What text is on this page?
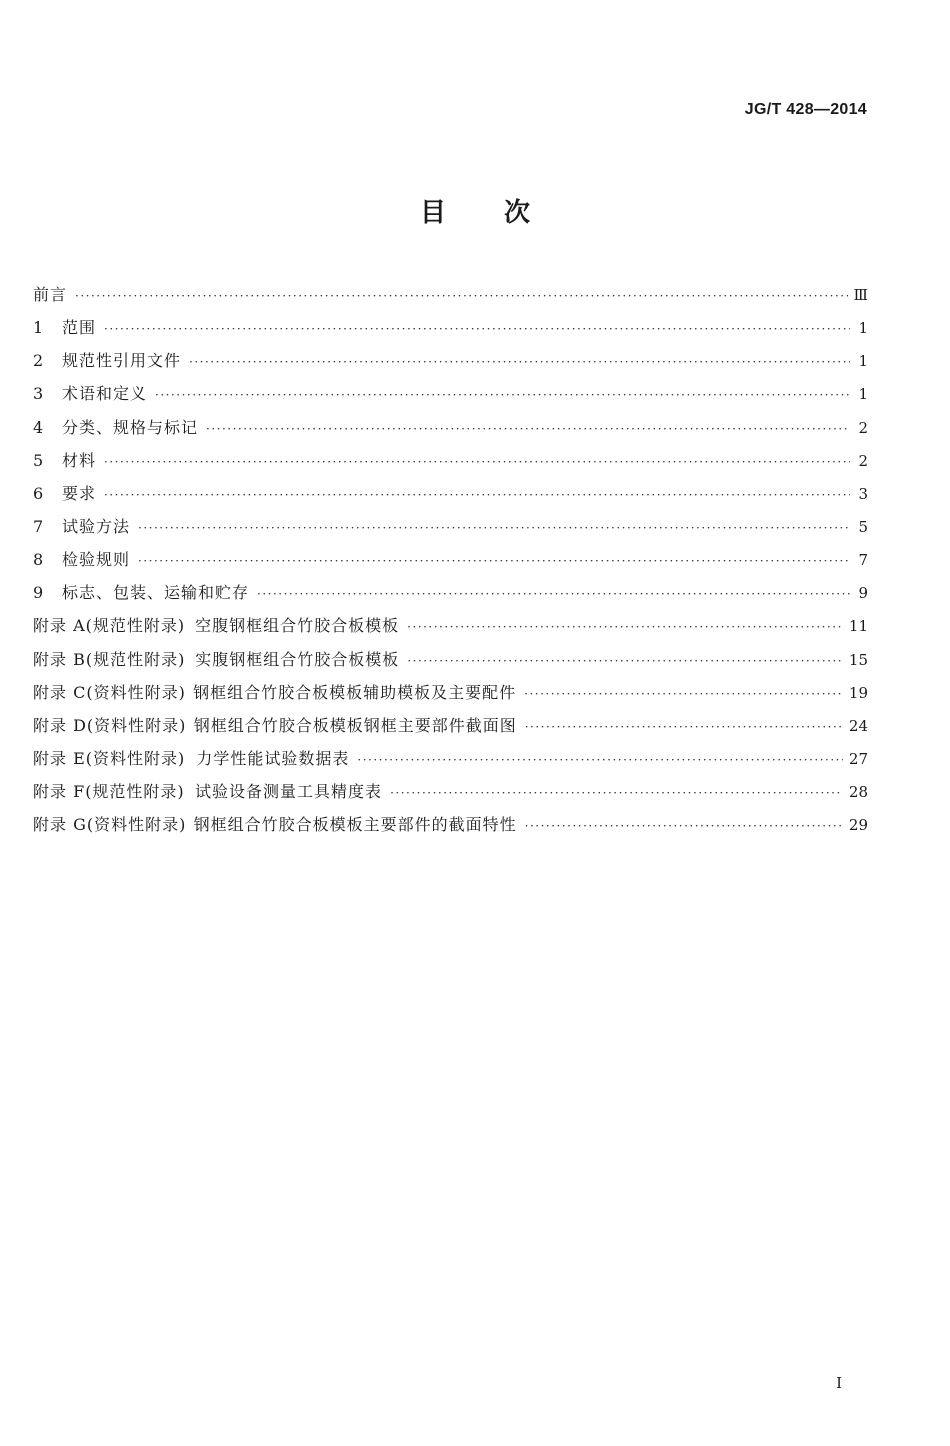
JG/T 428—2014
目次
前言 ·····	Ⅲ
1	范围 ·····	1
2	规范性引用文件 ·····	1
3	术语和定义 ·····	1
4	分类、规格与标记 ·····	2
5	材料 ·····	2
6	要求 ·····	3
7	试验方法 ·····	5
8	检验规则 ·····	7
9	标志、包装、运输和贮存 ·····	9
附录 A(规范性附录) 空腹钢框组合竹胶合板模板 ·····	11
附录 B(规范性附录) 实腹钢框组合竹胶合板模板 ·····	15
附录 C(资料性附录) 钢框组合竹胶合板模板辅助模板及主要配件 ·····	19
附录 D(资料性附录) 钢框组合竹胶合板模板钢框主要部件截面图 ·····	24
附录 E(资料性附录) 力学性能试验数据表 ·····	27
附录 F(规范性附录) 试验设备测量工具精度表 ·····	28
附录 G(资料性附录) 钢框组合竹胶合板模板主要部件的截面特性 ·····	29
I
